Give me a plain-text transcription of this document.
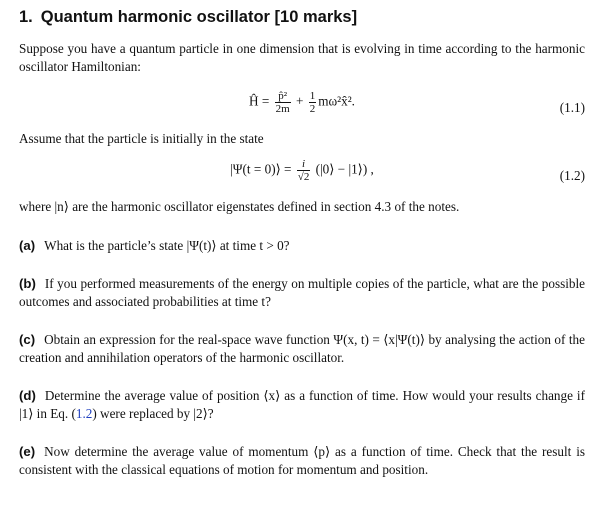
1. Quantum harmonic oscillator [10 marks]

Suppose you have a quantum particle in one dimension that is evolving in time according to the harmonic oscillator Hamiltonian:

Ĥ = $\frac{\text{p̂²}}{2m} + \frac{1}{2}$ mω²x̂².	(1.1)

Assume that the particle is initially in the state

|Ψ(t = 0)⟩ = $\frac{i}{√2}$ (|0⟩ − |1⟩) ,	(1.2)

where |n⟩ are the harmonic oscillator eigenstates defined in section 4.3 of the notes.

(a) What is the particle’s state |Ψ(t)⟩ at time t > 0?

(b) If you performed measurements of the energy on multiple copies of the particle, what are the possible outcomes and associated probabilities at time t?

(c) Obtain an expression for the real-space wave function Ψ(x, t) = ⟨x|Ψ(t)⟩ by analysing the action of the creation and annihilation operators of the harmonic oscillator.

(d) Determine the average value of position ⟨x⟩ as a function of time. How would your results change if |1⟩ in Eq. (1.2) were replaced by |2⟩?

(e) Now determine the average value of momentum ⟨p⟩ as a function of time. Check that the result is consistent with the classical equations of motion for momentum and position.
